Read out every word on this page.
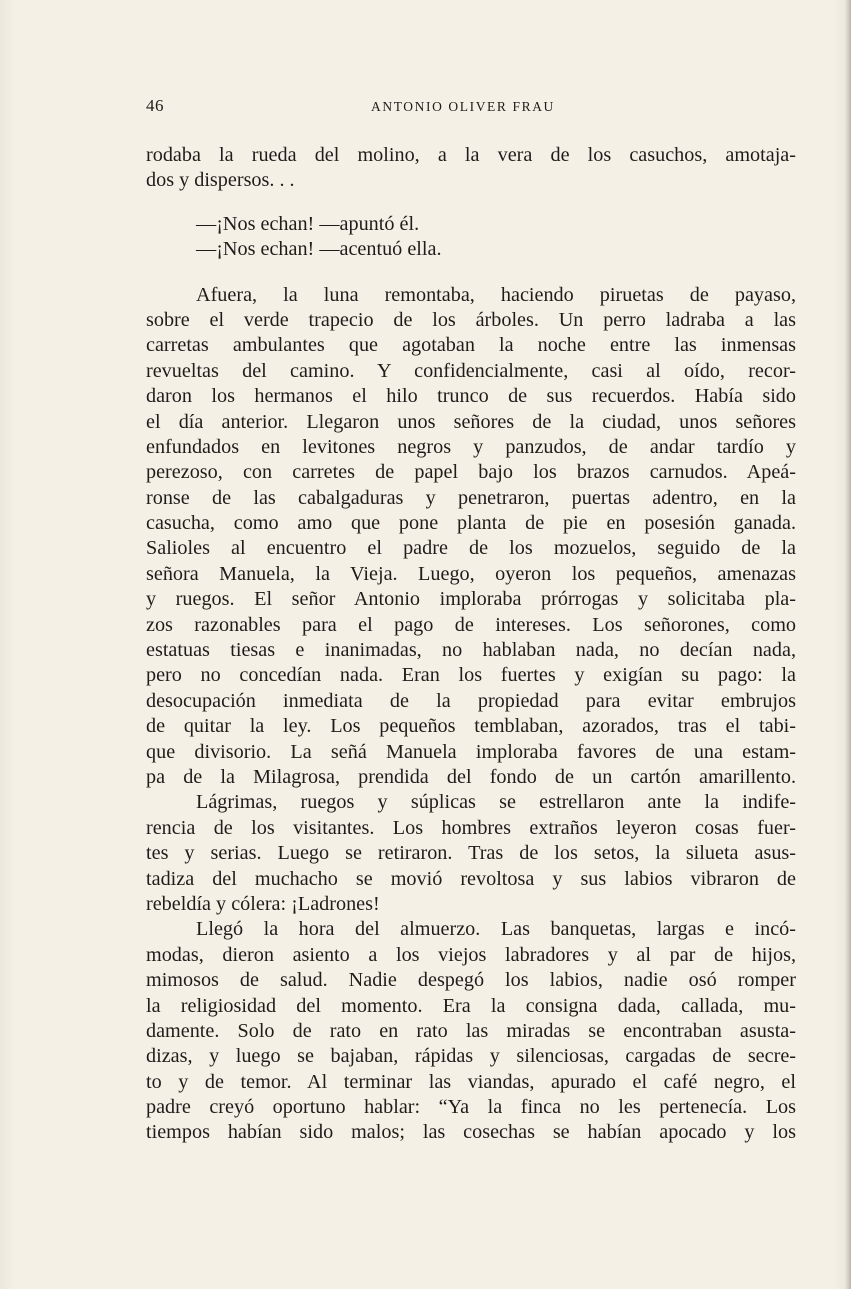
46	ANTONIO OLIVER FRAU
rodaba la rueda del molino, a la vera de los casuchos, amotaja-
dos y dispersos. . .
—¡Nos echan! —apuntó él.
—¡Nos echan! —acentuó ella.
Afuera, la luna remontaba, haciendo piruetas de payaso,
sobre el verde trapecio de los árboles. Un perro ladraba a las
carretas ambulantes que agotaban la noche entre las inmensas
revueltas del camino. Y confidencialmente, casi al oído, recor-
daron los hermanos el hilo trunco de sus recuerdos. Había sido
el día anterior. Llegaron unos señores de la ciudad, unos señores
enfundados en levitones negros y panzudos, de andar tardío y
perezoso, con carretes de papel bajo los brazos carnudos. Apeá-
ronse de las cabalgaduras y penetraron, puertas adentro, en la
casucha, como amo que pone planta de pie en posesión ganada.
Salioles al encuentro el padre de los mozuelos, seguido de la
señora Manuela, la Vieja. Luego, oyeron los pequeños, amenazas
y ruegos. El señor Antonio imploraba prórrogas y solicitaba pla-
zos razonables para el pago de intereses. Los señorones, como
estatuas tiesas e inanimadas, no hablaban nada, no decían nada,
pero no concedían nada. Eran los fuertes y exigían su pago: la
desocupación inmediata de la propiedad para evitar embrujos
de quitar la ley. Los pequeños temblaban, azorados, tras el tabi-
que divisorio. La señá Manuela imploraba favores de una estam-
pa de la Milagrosa, prendida del fondo de un cartón amarillento.
Lágrimas, ruegos y súplicas se estrellaron ante la indife-
rencia de los visitantes. Los hombres extraños leyeron cosas fuer-
tes y serias. Luego se retiraron. Tras de los setos, la silueta asus-
tadiza del muchacho se movió revoltosa y sus labios vibraron de
rebeldía y cólera: ¡Ladrones!
Llegó la hora del almuerzo. Las banquetas, largas e incó-
modas, dieron asiento a los viejos labradores y al par de hijos,
mimosos de salud. Nadie despegó los labios, nadie osó romper
la religiosidad del momento. Era la consigna dada, callada, mu-
damente. Solo de rato en rato las miradas se encontraban asusta-
dizas, y luego se bajaban, rápidas y silenciosas, cargadas de secre-
to y de temor. Al terminar las viandas, apurado el café negro, el
padre creyó oportuno hablar: “Ya la finca no les pertenecía. Los
tiempos habían sido malos; las cosechas se habían apocado y los
